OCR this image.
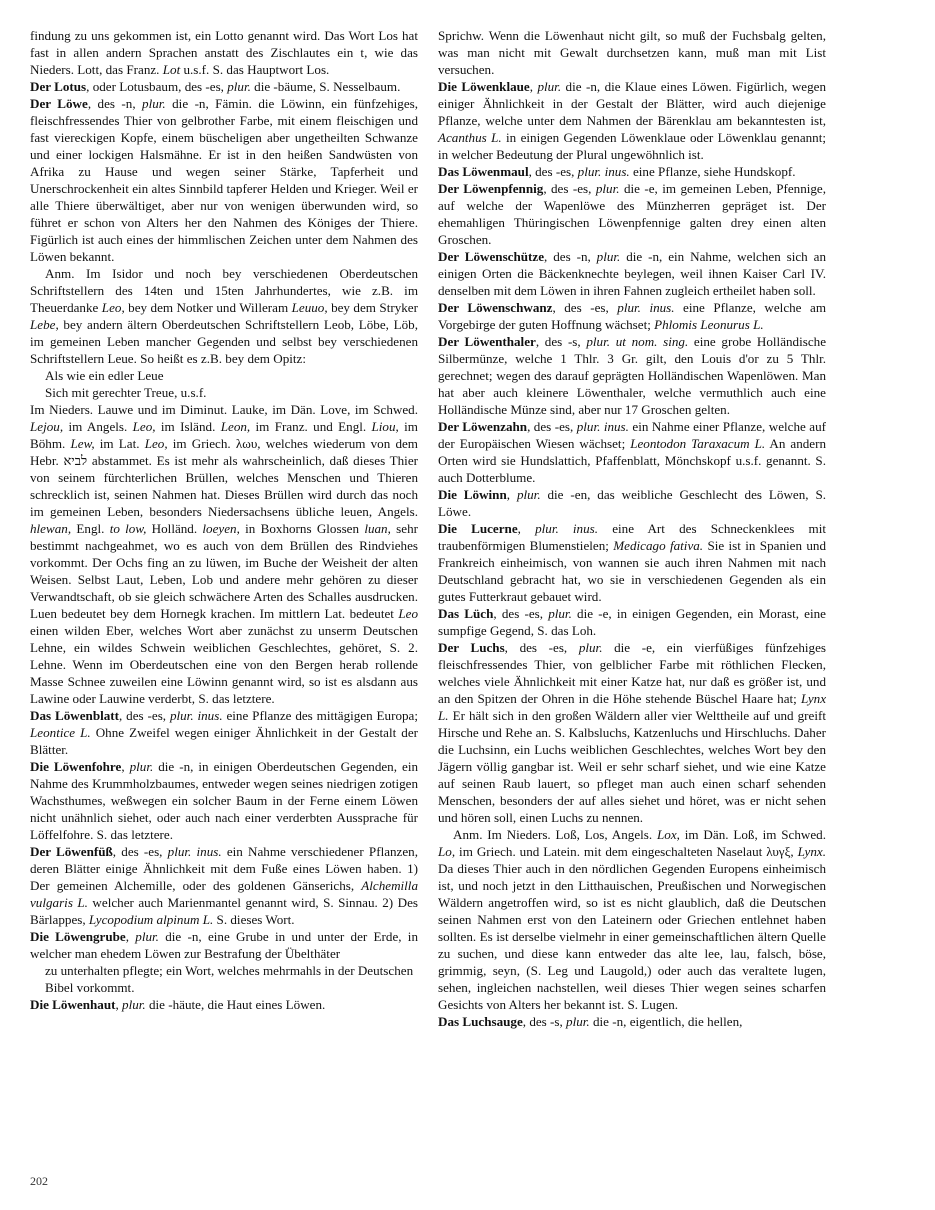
findung zu uns gekommen ist, ein Lotto genannt wird. Das Wort Los hat fast in allen andern Sprachen anstatt des Zischlautes ein t, wie das Nieders. Lott, das Franz. Lot u.s.f. S. das Hauptwort Los.

Der Lotus, oder Lotusbaum, des -es, plur. die -bäume, S. Nesselbaum.

Der Löwe, des -n, plur. die -n, Fämin. die Löwinn, ein fünfzehiges, fleischfressendes Thier von gelbrother Farbe, mit einem fleischigen und fast viereckigen Kopfe, einem büscheligen aber ungetheilten Schwanze und einer lockigen Halsmähne. Er ist in den heißen Sandwüsten von Afrika zu Hause und wegen seiner Stärke, Tapferheit und Unerschrockenheit ein altes Sinnbild tapferer Helden und Krieger. Weil er alle Thiere überwältiget, aber nur von wenigen überwunden wird, so führet er schon von Alters her den Nahmen des Königes der Thiere. Figürlich ist auch eines der himmlischen Zeichen unter dem Nahmen des Löwen bekannt.

Anm. Im Isidor und noch bey verschiedenen Oberdeutschen Schriftstellern des 14ten und 15ten Jahrhundertes, wie z.B. im Theuerdanke Leo, bey dem Notker und Willeram Leuuo, bey dem Stryker Lebe, bey andern ältern Oberdeutschen Schriftstellern Leob, Löbe, Löb, im gemeinen Leben mancher Gegenden und selbst bey verschiedenen Schriftstellern Leue. So heißt es z.B. bey dem Opitz:

Als wie ein edler Leue

Sich mit gerechter Treue, u.s.f.

Im Nieders. Lauwe und im Diminut. Lauke, im Dän. Love, im Schwed. Lejou, im Angels. Leo, im Isländ. Leon, im Franz. und Engl. Liou, im Böhm. Lew, im Lat. Leo, im Griech. λωυ, welches wiederum von dem Hebr. לביא abstammet. Es ist mehr als wahrscheinlich, daß dieses Thier von seinem fürchterlichen Brüllen, welches Menschen und Thieren schrecklich ist, seinen Nahmen hat. Dieses Brüllen wird durch das noch im gemeinen Leben, besonders Niedersachsens übliche leuen, Angels. hlewan, Engl. to low, Holländ. loeyen, in Boxhorns Glossen luan, sehr bestimmt nachgeahmet, wo es auch von dem Brüllen des Rindviehes vorkommt. Der Ochs fing an zu lüwen, im Buche der Weisheit der alten Weisen. Selbst Laut, Leben, Lob und andere mehr gehören zu dieser Verwandtschaft, ob sie gleich schwächere Arten des Schalles ausdrucken. Luen bedeutet bey dem Hornegk krachen. Im mittlern Lat. bedeutet Leo einen wilden Eber, welches Wort aber zunächst zu unserm Deutschen Lehne, ein wildes Schwein weiblichen Geschlechtes, gehöret, S. 2. Lehne. Wenn im Oberdeutschen eine von den Bergen herab rollende Masse Schnee zuweilen eine Löwinn genannt wird, so ist es alsdann aus Lawine oder Lauwine verderbt, S. das letztere.

Das Löwenblatt, des -es, plur. inus. eine Pflanze des mittägigen Europa; Leontice L. Ohne Zweifel wegen einiger Ähnlichkeit in der Gestalt der Blätter.

Die Löwenfohre, plur. die -n, in einigen Oberdeutschen Gegenden, ein Nahme des Krummholzbaumes, entweder wegen seines niedrigen zotigen Wachsthumes, weßwegen ein solcher Baum in der Ferne einem Löwen nicht unähnlich siehet, oder auch nach einer verderbten Aussprache für Löffelfohre. S. das letztere.

Der Löwenfüß, des -es, plur. inus. ein Nahme verschiedener Pflanzen, deren Blätter einige Ähnlichkeit mit dem Fuße eines Löwen haben. 1) Der gemeinen Alchemille, oder des goldenen Gänserichs, Alchemilla vulgaris L. welcher auch Marienmantel genannt wird, S. Sinnau. 2) Des Bärlappes, Lycopodium alpinum L. S. dieses Wort.

Die Löwengrube, plur. die -n, eine Grube in und unter der Erde, in welcher man ehedem Löwen zur Bestrafung der Übelthäter

zu unterhalten pflegte; ein Wort, welches mehrmahls in der Deutschen Bibel vorkommt.

Die Löwenhaut, plur. die -häute, die Haut eines Löwen.

Sprichw. Wenn die Löwenhaut nicht gilt, so muß der Fuchsbalg gelten, was man nicht mit Gewalt durchsetzen kann, muß man mit List versuchen.

Die Löwenklaue, plur. die -n, die Klaue eines Löwen. Figürlich, wegen einiger Ähnlichkeit in der Gestalt der Blätter, wird auch diejenige Pflanze, welche unter dem Nahmen der Bärenklau am bekanntesten ist, Acanthus L. in einigen Gegenden Löwenklaue oder Löwenklau genannt; in welcher Bedeutung der Plural ungewöhnlich ist.

Das Löwenmaul, des -es, plur. inus. eine Pflanze, siehe Hundskopf.

Der Löwenpfennig, des -es, plur. die -e, im gemeinen Leben, Pfennige, auf welche der Wapenlöwe des Münzherren gepräget ist. Der ehemahligen Thüringischen Löwenpfennige galten drey einen alten Groschen.

Der Löwenschütze, des -n, plur. die -n, ein Nahme, welchen sich an einigen Orten die Bäckenknechte beylegen, weil ihnen Kaiser Carl IV. denselben mit dem Löwen in ihren Fahnen zugleich ertheilet haben soll.

Der Löwenschwanz, des -es, plur. inus. eine Pflanze, welche am Vorgebirge der guten Hoffnung wächset; Phlomis Leonurus L.

Der Löwenthaler, des -s, plur. ut nom. sing. eine grobe Holländische Silbermünze, welche 1 Thlr. 3 Gr. gilt, den Louis d'or zu 5 Thlr. gerechnet; wegen des darauf geprägten Holländischen Wapenlöwen. Man hat aber auch kleinere Löwenthaler, welche vermuthlich auch eine Holländische Münze sind, aber nur 17 Groschen gelten.

Der Löwenzahn, des -es, plur. inus. ein Nahme einer Pflanze, welche auf der Europäischen Wiesen wächset; Leontodon Taraxacum L. An andern Orten wird sie Hundslattich, Pfaffenblatt, Mönchskopf u.s.f. genannt. S. auch Dotterblume.

Die Löwinn, plur. die -en, das weibliche Geschlecht des Löwen, S. Löwe.

Die Lucerne, plur. inus. eine Art des Schneckenklees mit traubenförmigen Blumenstielen; Medicago fativa. Sie ist in Spanien und Frankreich einheimisch, von wannen sie auch ihren Nahmen mit nach Deutschland gebracht hat, wo sie in verschiedenen Gegenden als ein gutes Futterkraut gebauet wird.

Das Lüch, des -es, plur. die -e, in einigen Gegenden, ein Morast, eine sumpfige Gegend, S. das Loh.

Der Luchs, des -es, plur. die -e, ein vierfüßiges fünfzehiges fleischfressendes Thier, von gelblicher Farbe mit röthlichen Flecken, welches viele Ähnlichkeit mit einer Katze hat, nur daß es größer ist, und an den Spitzen der Ohren in die Höhe stehende Büschel Haare hat; Lynx L. Er hält sich in den großen Wäldern aller vier Welttheile auf und greift Hirsche und Rehe an. S. Kalbsluchs, Katzenluchs und Hirschluchs. Daher die Luchsinn, ein Luchs weiblichen Geschlechtes, welches Wort bey den Jägern völlig gangbar ist. Weil er sehr scharf siehet, und wie eine Katze auf seinen Raub lauert, so pfleget man auch einen scharf sehenden Menschen, besonders der auf alles siehet und höret, was er nicht sehen und hören soll, einen Luchs zu nennen.

Anm. Im Nieders. Loß, Los, Angels. Lox, im Dän. Loß, im Schwed. Lo, im Griech. und Latein. mit dem eingeschalteten Naselaut λυγξ, Lynx. Da dieses Thier auch in den nördlichen Gegenden Europens einheimisch ist, und noch jetzt in den Litthauischen, Preußischen und Norwegischen Wäldern angetroffen wird, so ist es nicht glaublich, daß die Deutschen seinen Nahmen erst von den Lateinern oder Griechen entlehnet haben sollten. Es ist derselbe vielmehr in einer gemeinschaftlichen ältern Quelle zu suchen, und diese kann entweder das alte lee, lau, falsch, böse, grimmig, seyn, (S. Leg und Laugold,) oder auch das veraltete lugen, sehen, ingleichen nachstellen, weil dieses Thier wegen seines scharfen Gesichts von Alters her bekannt ist. S. Lugen.

Das Luchsauge, des -s, plur. die -n, eigentlich, die hellen,

202
